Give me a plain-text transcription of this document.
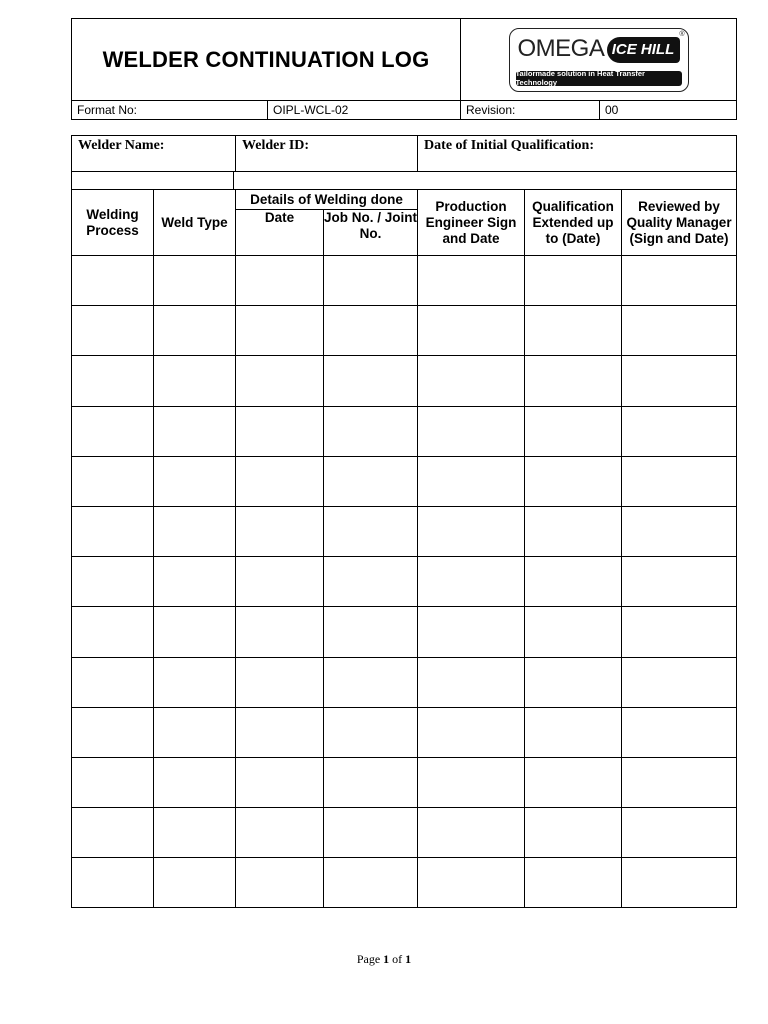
WELDER CONTINUATION LOG	OMEGA ICE HILL
®
Tailormade solution in Heat Transfer Technology
Format No:	OIPL-WCL-02	Revision:	00
Welder Name:			Welder ID:		Date of Initial Qualification:		

Welding Process	Weld Type		Details of Welding done		Production Engineer Sign and Date	Qualification Extended up to (Date)	Reviewed by Quality Manager (Sign and Date)
			Date	Job No. / Joint No.			

Page 1 of 1
